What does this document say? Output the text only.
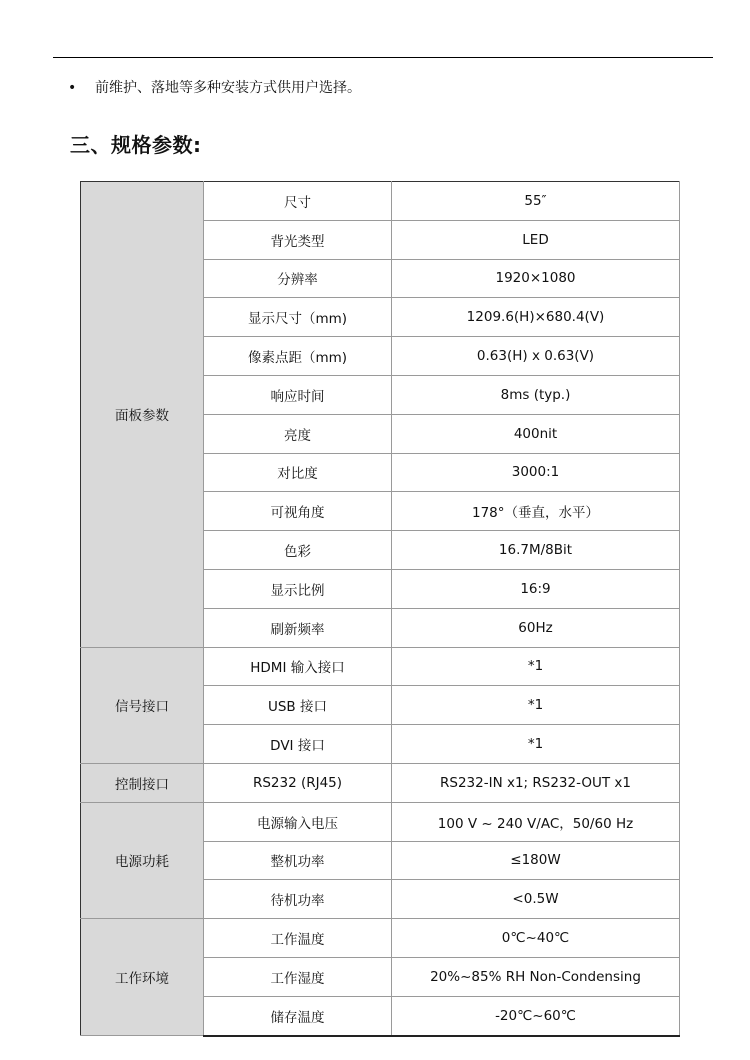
• 前维护、落地等多种安装方式供用户选择。
三、规格参数:
面板参数	尺寸	55″
	背光类型	LED
	分辨率	1920×1080
	显示尺寸（mm)	1209.6(H)×680.4(V)
	像素点距（mm)	0.63(H) x 0.63(V)
	响应时间	8ms (typ.)
	亮度	400nit
	对比度	3000:1
	可视角度	178°（垂直，水平）
	色彩	16.7M/8Bit
	显示比例	16:9
	刷新频率	60Hz
信号接口	HDMI 输入接口	*1
	USB 接口	*1
	DVI 接口	*1
控制接口	RS232 (RJ45)	RS232-IN x1; RS232-OUT x1
电源功耗	电源输入电压	100 V ~ 240 V/AC，50/60 Hz
	整机功率	≤180W
	待机功率	<0.5W
工作环境	工作温度	0℃~40℃
	工作湿度	20%~85% RH Non-Condensing
	储存温度	-20℃~60℃
